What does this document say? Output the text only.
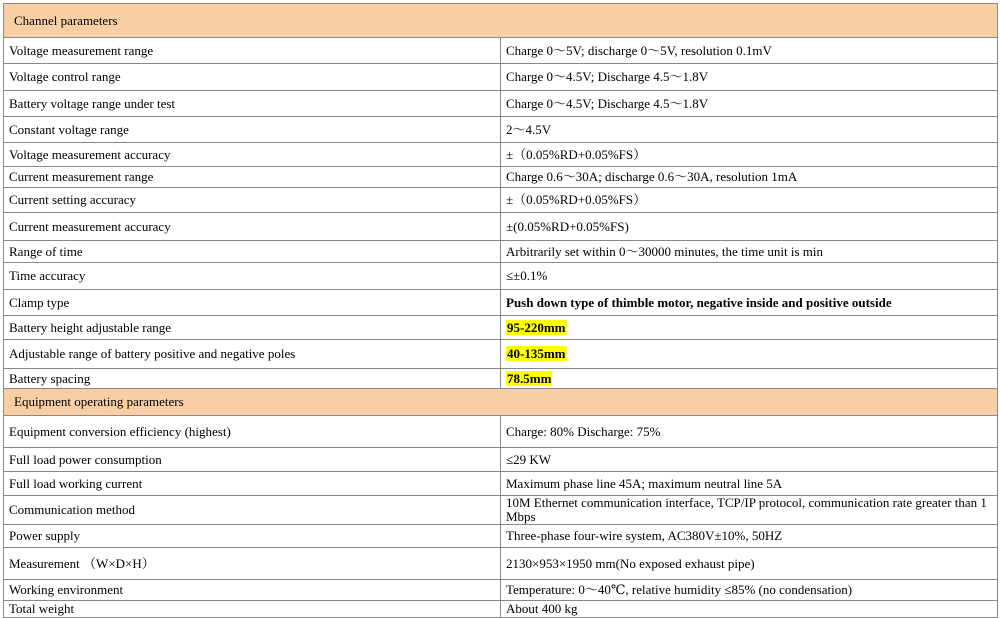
Channel parameters	
Voltage measurement range	Charge 0～5V; discharge 0～5V, resolution 0.1mV
Voltage control range	Charge 0～4.5V; Discharge 4.5～1.8V
Battery voltage range under test	Charge 0～4.5V; Discharge 4.5～1.8V
Constant voltage range	2～4.5V
Voltage measurement accuracy	±（0.05%RD+0.05%FS）
Current measurement range	Charge 0.6～30A; discharge 0.6～30A, resolution 1mA
Current setting accuracy	±（0.05%RD+0.05%FS）
Current measurement accuracy	±(0.05%RD+0.05%FS)
Range of time	Arbitrarily set within 0～30000 minutes, the time unit is min
Time accuracy	≤±0.1%
Clamp type	Push down type of thimble motor, negative inside and positive outside
Battery height adjustable range	95-220mm
Adjustable range of battery positive and negative poles	40-135mm
Battery spacing	78.5mm
Equipment operating parameters	
Equipment conversion efficiency (highest)	Charge: 80% Discharge: 75%
Full load power consumption	≤29 KW
Full load working current	Maximum phase line 45A; maximum neutral line 5A
Communication method	10M Ethernet communication interface, TCP/IP protocol, communication rate greater than 1 Mbps
Power supply	Three-phase four-wire system, AC380V±10%, 50HZ
Measurement （W×D×H）	2130×953×1950 mm(No exposed exhaust pipe)
Working environment	Temperature: 0～40℃, relative humidity ≤85% (no condensation)
Total weight	About 400 kg
